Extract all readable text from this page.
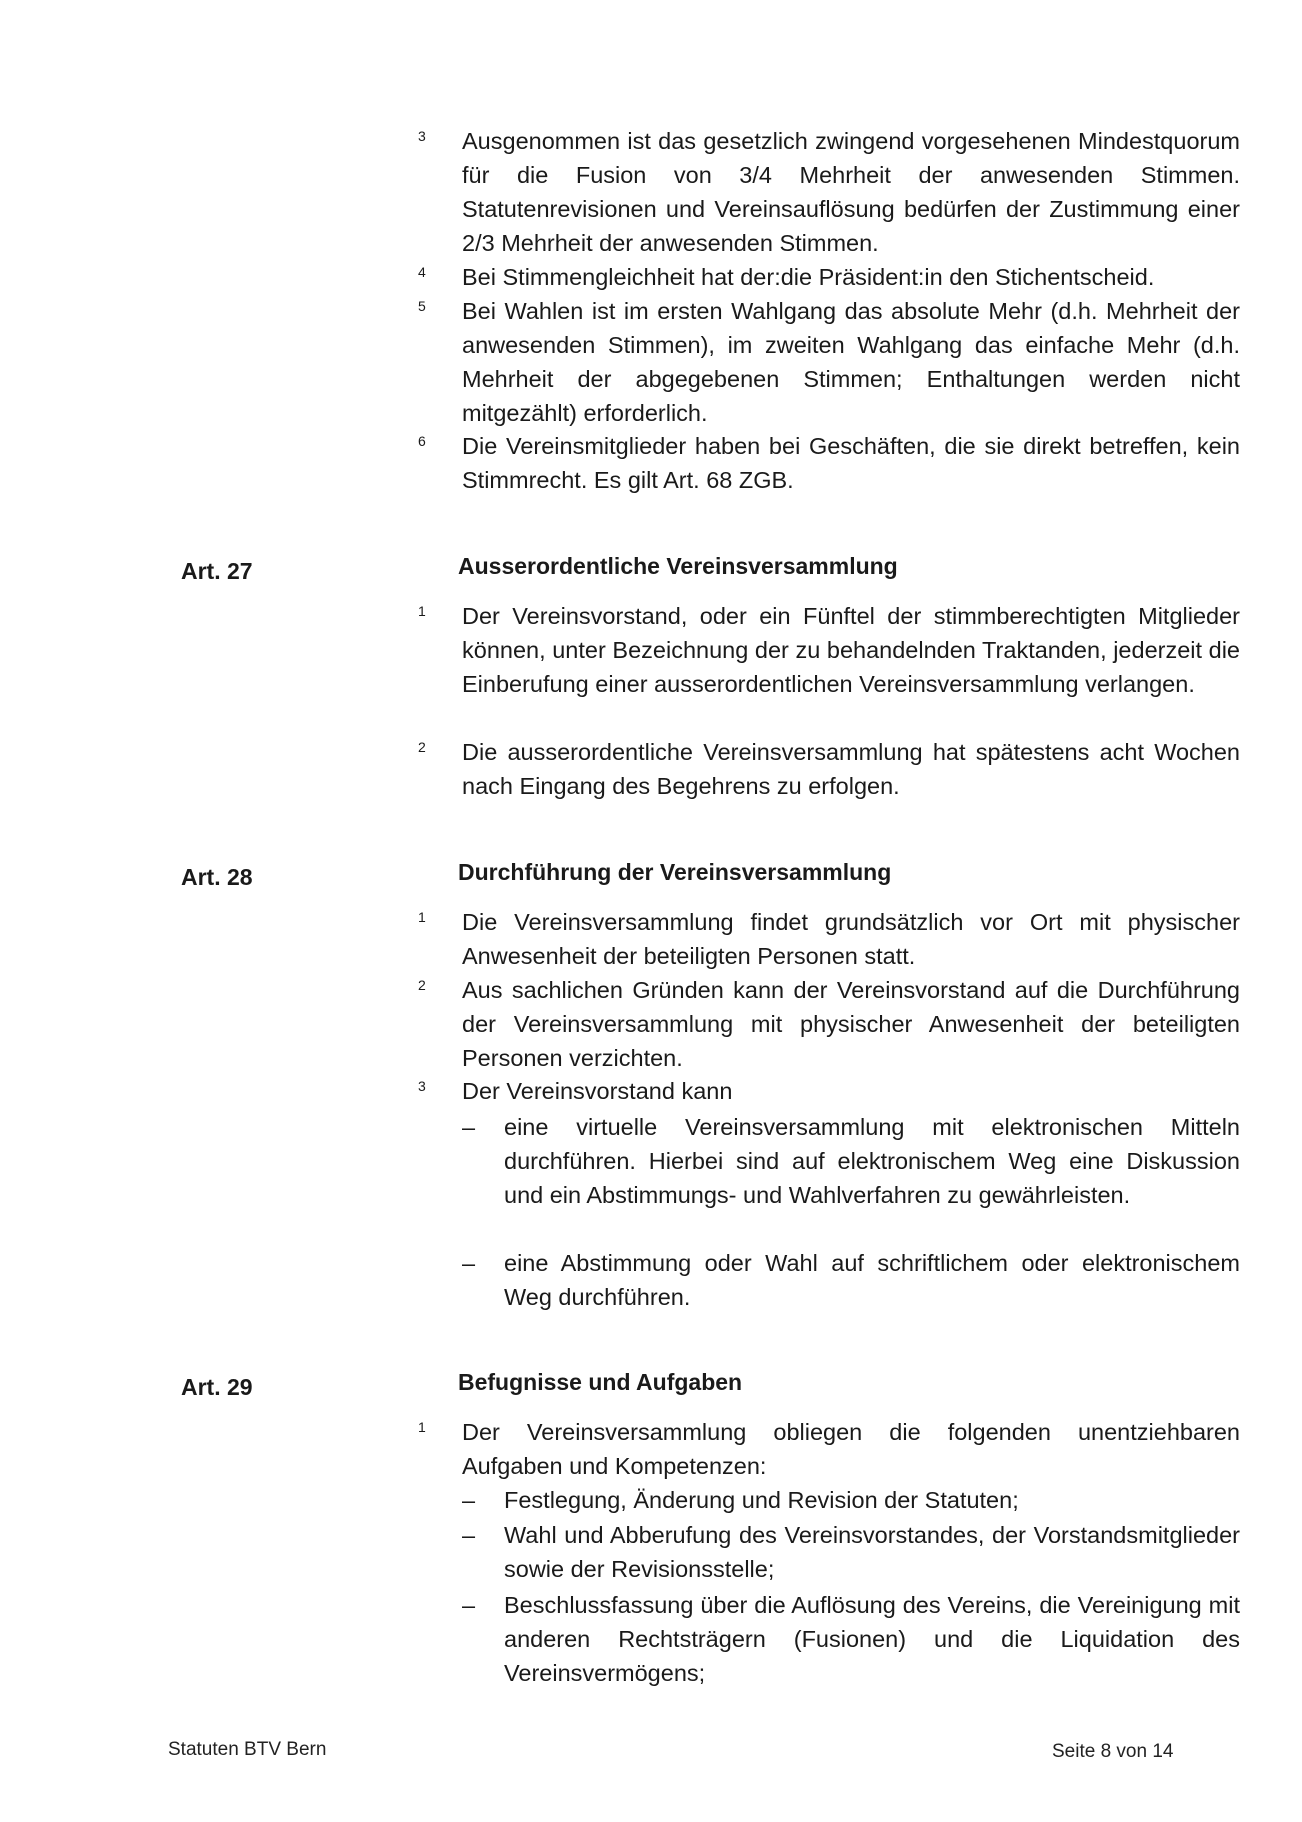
3 Ausgenommen ist das gesetzlich zwingend vorgesehenen Mindestquorum für die Fusion von 3/4 Mehrheit der anwesenden Stimmen. Statutenrevisionen und Vereinsauflösung bedürfen der Zustimmung einer 2/3 Mehrheit der anwesenden Stimmen.
4 Bei Stimmengleichheit hat der:die Präsident:in den Stichentscheid.
5 Bei Wahlen ist im ersten Wahlgang das absolute Mehr (d.h. Mehrheit der anwesenden Stimmen), im zweiten Wahlgang das einfache Mehr (d.h. Mehrheit der abgegebenen Stimmen; Enthaltungen werden nicht mitgezählt) erforderlich.
6 Die Vereinsmitglieder haben bei Geschäften, die sie direkt betreffen, kein Stimmrecht. Es gilt Art. 68 ZGB.
Art. 27	Ausserordentliche Vereinsversammlung
1 Der Vereinsvorstand, oder ein Fünftel der stimmberechtigten Mitglieder können, unter Bezeichnung der zu behandelnden Traktanden, jederzeit die Einberufung einer ausserordentlichen Vereinsversammlung verlangen.
2 Die ausserordentliche Vereinsversammlung hat spätestens acht Wochen nach Eingang des Begehrens zu erfolgen.
Art. 28	Durchführung der Vereinsversammlung
1 Die Vereinsversammlung findet grundsätzlich vor Ort mit physischer Anwesenheit der beteiligten Personen statt.
2 Aus sachlichen Gründen kann der Vereinsvorstand auf die Durchführung der Vereinsversammlung mit physischer Anwesenheit der beteiligten Personen verzichten.
3 Der Vereinsvorstand kann
– eine virtuelle Vereinsversammlung mit elektronischen Mitteln durchführen. Hierbei sind auf elektronischem Weg eine Diskussion und ein Abstimmungs- und Wahlverfahren zu gewährleisten.
– eine Abstimmung oder Wahl auf schriftlichem oder elektronischem Weg durchführen.
Art. 29	Befugnisse und Aufgaben
1 Der Vereinsversammlung obliegen die folgenden unentziehbaren Aufgaben und Kompetenzen:
– Festlegung, Änderung und Revision der Statuten;
– Wahl und Abberufung des Vereinsvorstandes, der Vorstandsmitglieder sowie der Revisionsstelle;
– Beschlussfassung über die Auflösung des Vereins, die Vereinigung mit anderen Rechtsträgern (Fusionen) und die Liquidation des Vereinsvermögens;
Statuten BTV Bern	Seite 8 von 14
